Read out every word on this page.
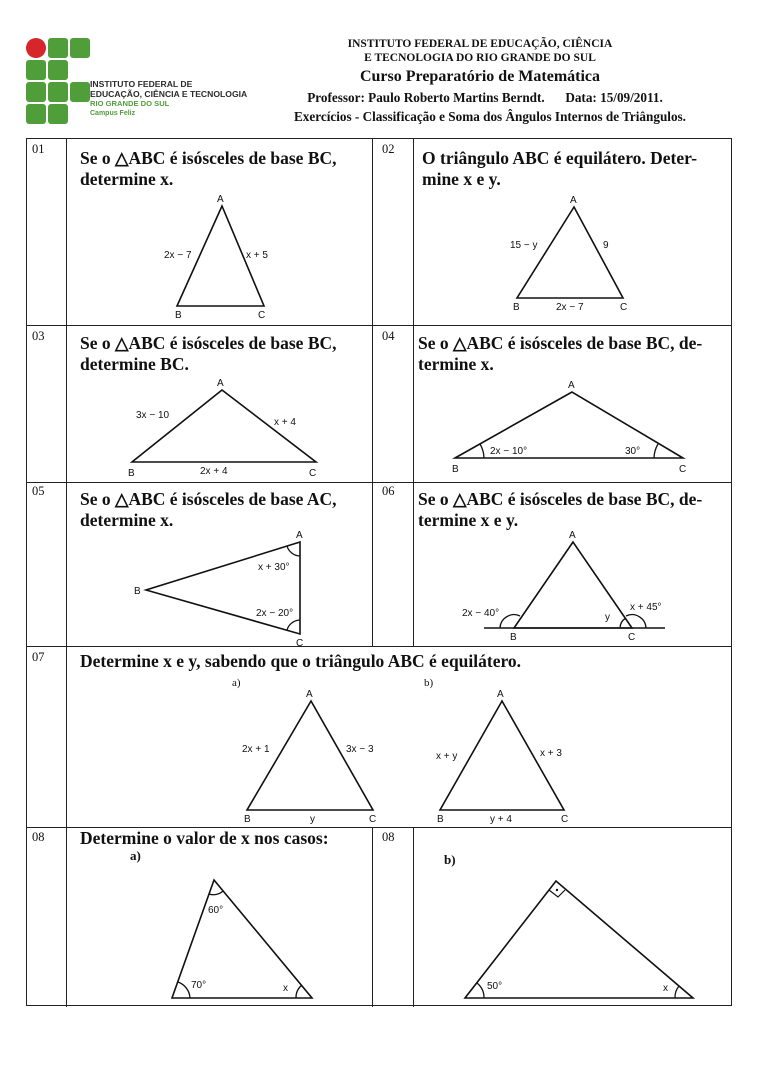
INSTITUTO FEDERAL DE
EDUCAÇÃO, CIÊNCIA E TECNOLOGIA
RIO GRANDE DO SUL
Campus Feliz
INSTITUTO FEDERAL DE EDUCAÇÃO, CIÊNCIA
E TECNOLOGIA DO RIO GRANDE DO SUL
Curso Preparatório de Matemática
Professor: Paulo Roberto Martins Berndt. Data: 15/09/2011.
Exercícios - Classificação e Soma dos Ângulos Internos de Triângulos.
01 Se o △ABC é isósceles de base BC,
determine x.
A
B	C
2x − 7	x + 5
02 O triângulo ABC é equilátero. Deter-
mine x e y.
A
B	C
15 − y	9
2x − 7
03 Se o △ABC é isósceles de base BC,
determine BC.
A
B	C
3x − 10
x + 4
2x + 4
04 Se o △ABC é isósceles de base BC, de-
termine x.
A
B	C
2x − 10°	30°
05 Se o △ABC é isósceles de base AC,
determine x.
A
B
C
x + 30°
2x − 20°
06 Se o △ABC é isósceles de base BC, de-
termine x e y.
A
B	C
2x − 40°	y
x + 45°
07 Determine x e y, sabendo que o triângulo ABC é equilátero.
a)	b)
A
B	C
2x + 1	3x − 3
y
A
B	C
x + y	x + 3
y + 4
08 Determine o valor de x nos casos:
a)
60°
70°	x
08
b)
50°	x
